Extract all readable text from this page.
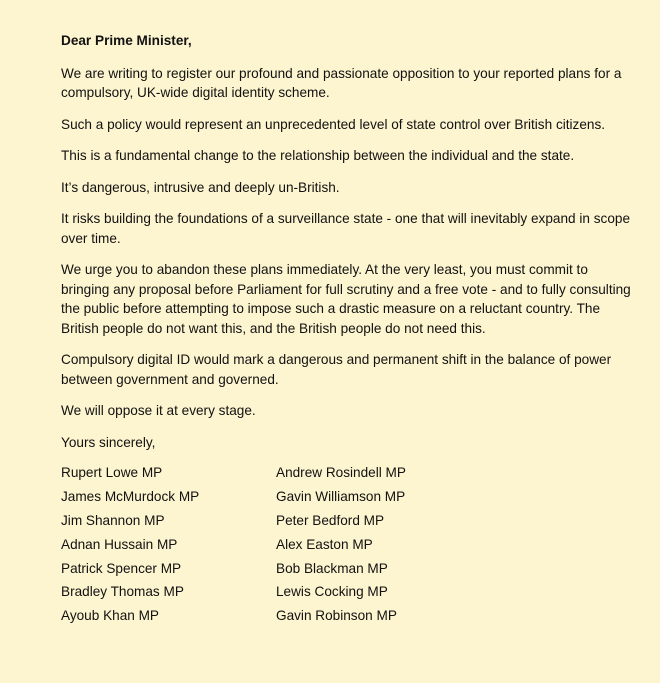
Dear Prime Minister,

We are writing to register our profound and passionate opposition to your reported plans for a compulsory, UK-wide digital identity scheme.

Such a policy would represent an unprecedented level of state control over British citizens.

This is a fundamental change to the relationship between the individual and the state.

It’s dangerous, intrusive and deeply un-British.

It risks building the foundations of a surveillance state - one that will inevitably expand in scope over time.

We urge you to abandon these plans immediately. At the very least, you must commit to bringing any proposal before Parliament for full scrutiny and a free vote - and to fully consulting the public before attempting to impose such a drastic measure on a reluctant country. The British people do not want this, and the British people do not need this.

Compulsory digital ID would mark a dangerous and permanent shift in the balance of power between government and governed.

We will oppose it at every stage.

Yours sincerely,

Rupert Lowe MP	Andrew Rosindell MP
James McMurdock MP	Gavin Williamson MP
Jim Shannon MP	Peter Bedford MP
Adnan Hussain MP	Alex Easton MP
Patrick Spencer MP	Bob Blackman MP
Bradley Thomas MP	Lewis Cocking MP
Ayoub Khan MP	Gavin Robinson MP
